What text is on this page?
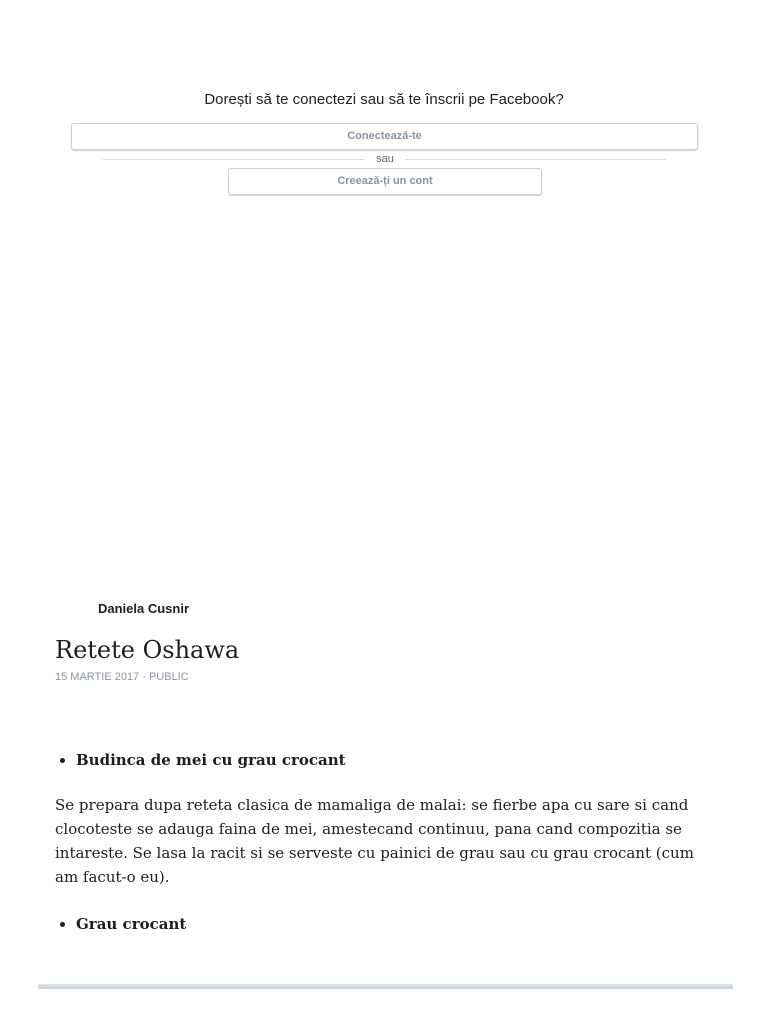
Dorești să te conectezi sau să te înscrii pe Facebook?
Conectează-te
sau
Creează-ți un cont
Daniela Cusnir
Retete Oshawa
15 MARTIE 2017 · PUBLIC
• Budinca de mei cu grau crocant

Se prepara dupa reteta clasica de mamaliga de malai: se fierbe apa cu sare si cand clocoteste se adauga faina de mei, amestecand continuu, pana cand compozitia se intareste. Se lasa la racit si se serveste cu painici de grau sau cu grau crocant (cum am facut-o eu).

• Grau crocant
